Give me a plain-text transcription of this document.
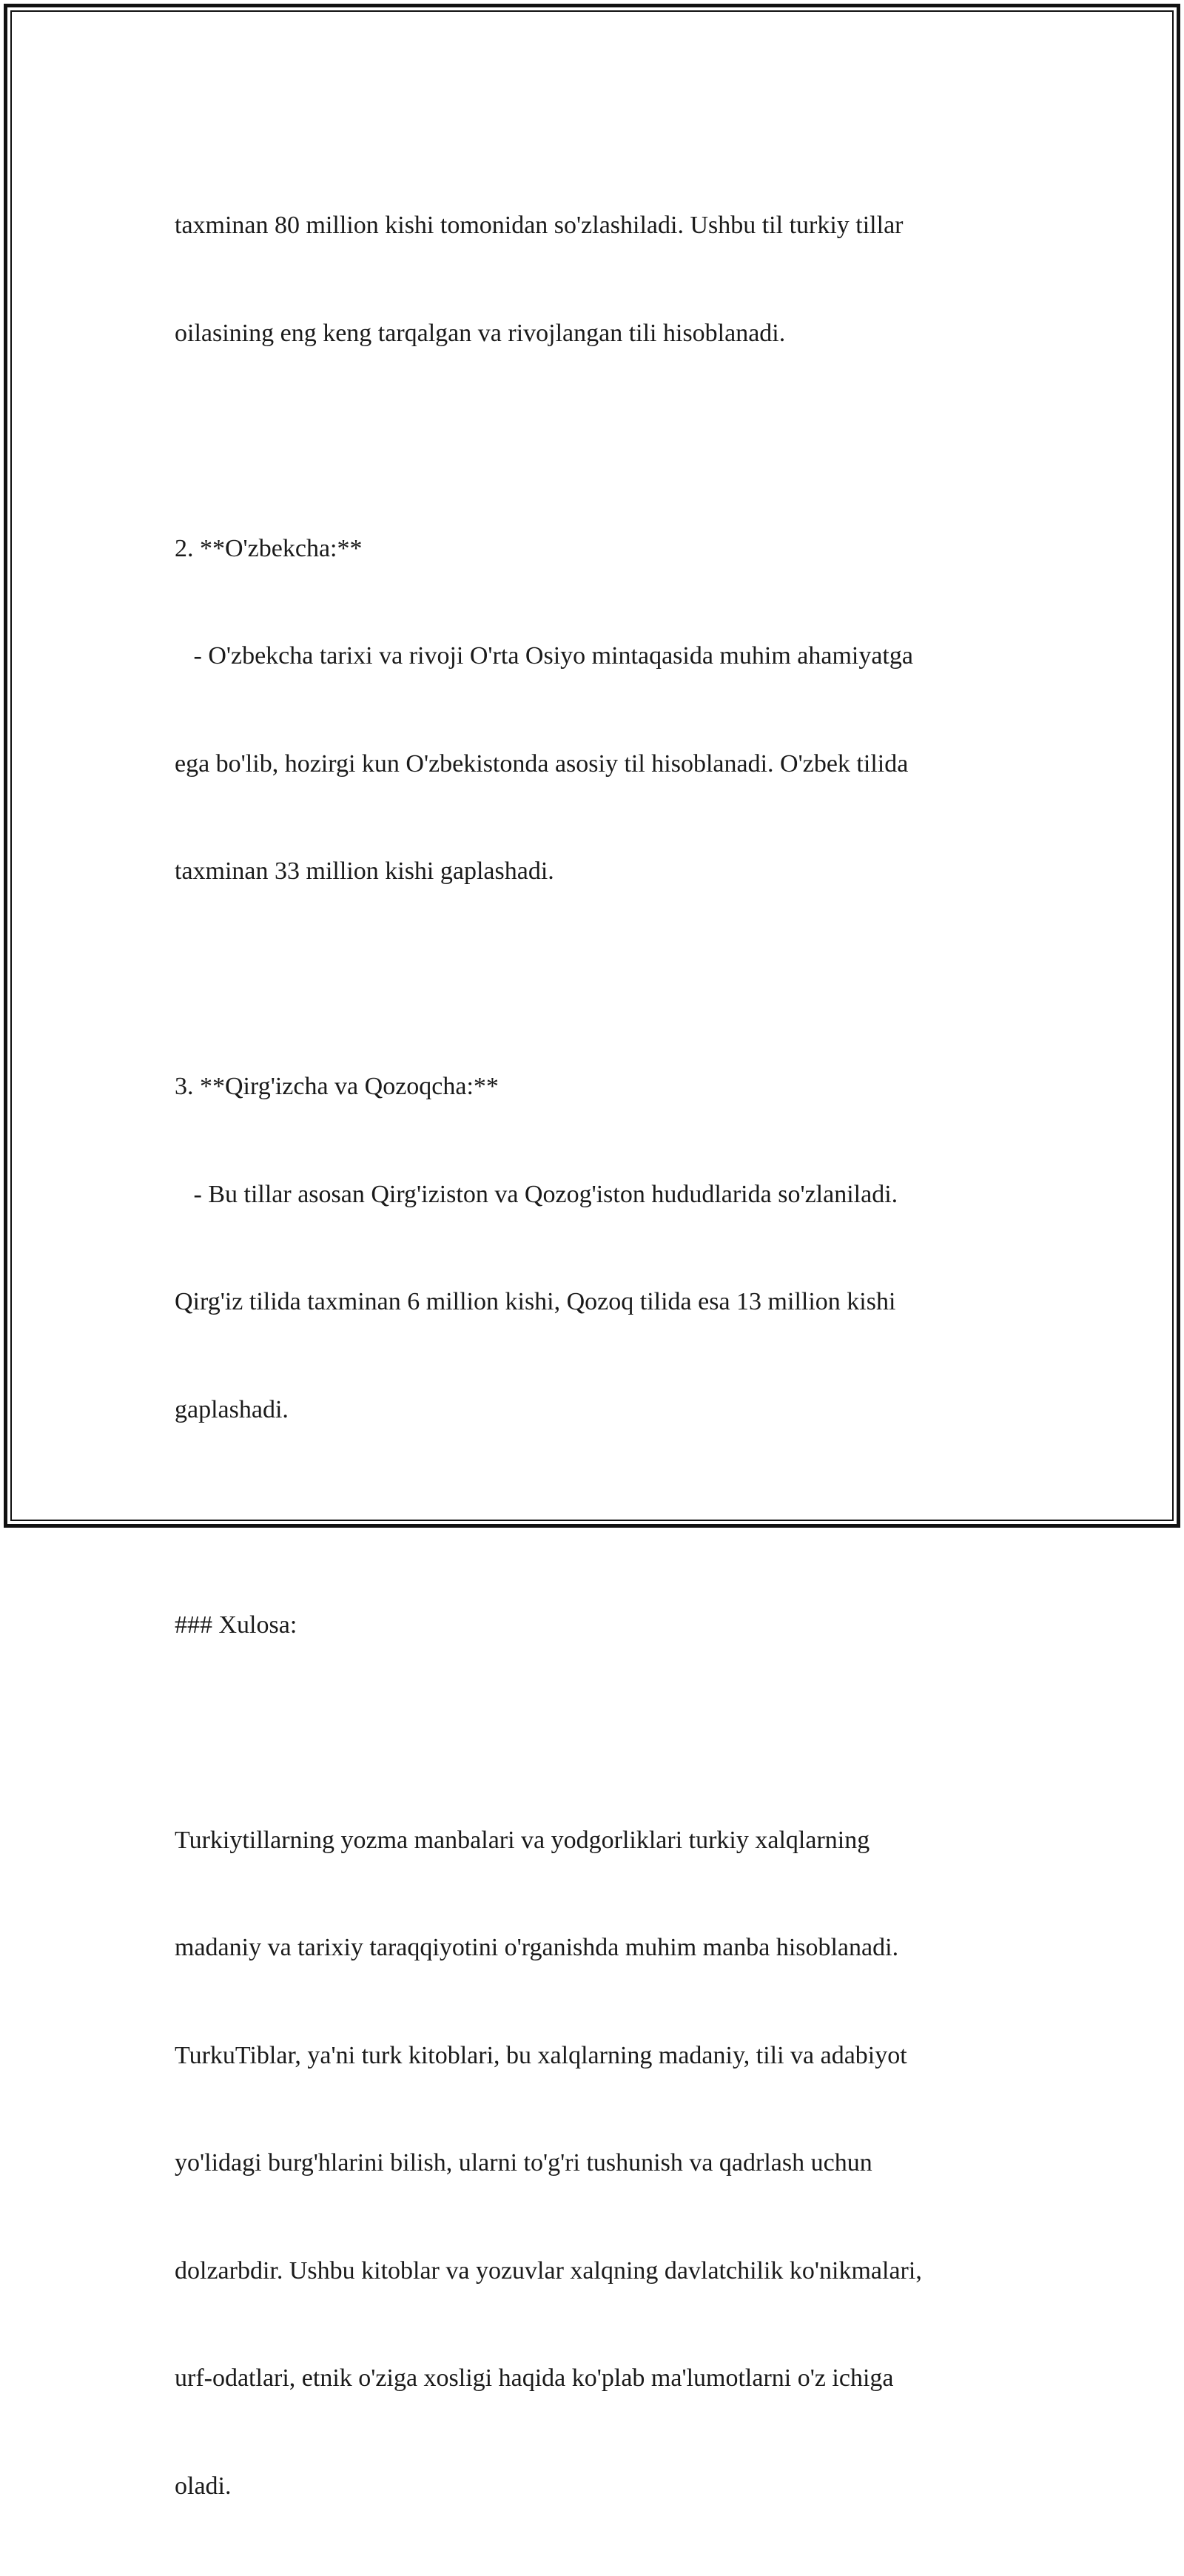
taxminan 80 million kishi tomonidan so'zlashiladi. Ushbu til turkiy tillar

oilasining eng keng tarqalgan va rivojlangan tili hisoblanadi.

2. **O'zbekcha:**

- O'zbekcha tarixi va rivoji O'rta Osiyo mintaqasida muhim ahamiyatga

ega bo'lib, hozirgi kun O'zbekistonda asosiy til hisoblanadi. O'zbek tilida

taxminan 33 million kishi gaplashadi.

3. **Qirg'izcha va Qozoqcha:**

- Bu tillar asosan Qirg'iziston va Qozog'iston hududlarida so'zlaniladi.

Qirg'iz tilida taxminan 6 million kishi, Qozoq tilida esa 13 million kishi

gaplashadi.

### Xulosa:

Turkiytillarning yozma manbalari va yodgorliklari turkiy xalqlarning

madaniy va tarixiy taraqqiyotini o'rganishda muhim manba hisoblanadi.

TurkuTiblar, ya'ni turk kitoblari, bu xalqlarning madaniy, tili va adabiyot

yo'lidagi burg'hlarini bilish, ularni to'g'ri tushunish va qadrlash uchun

dolzarbdir. Ushbu kitoblar va yozuvlar xalqning davlatchilik ko'nikmalari,

urf-odatlari, etnik o'ziga xosligi haqida ko'plab ma'lumotlarni o'z ichiga

oladi.
